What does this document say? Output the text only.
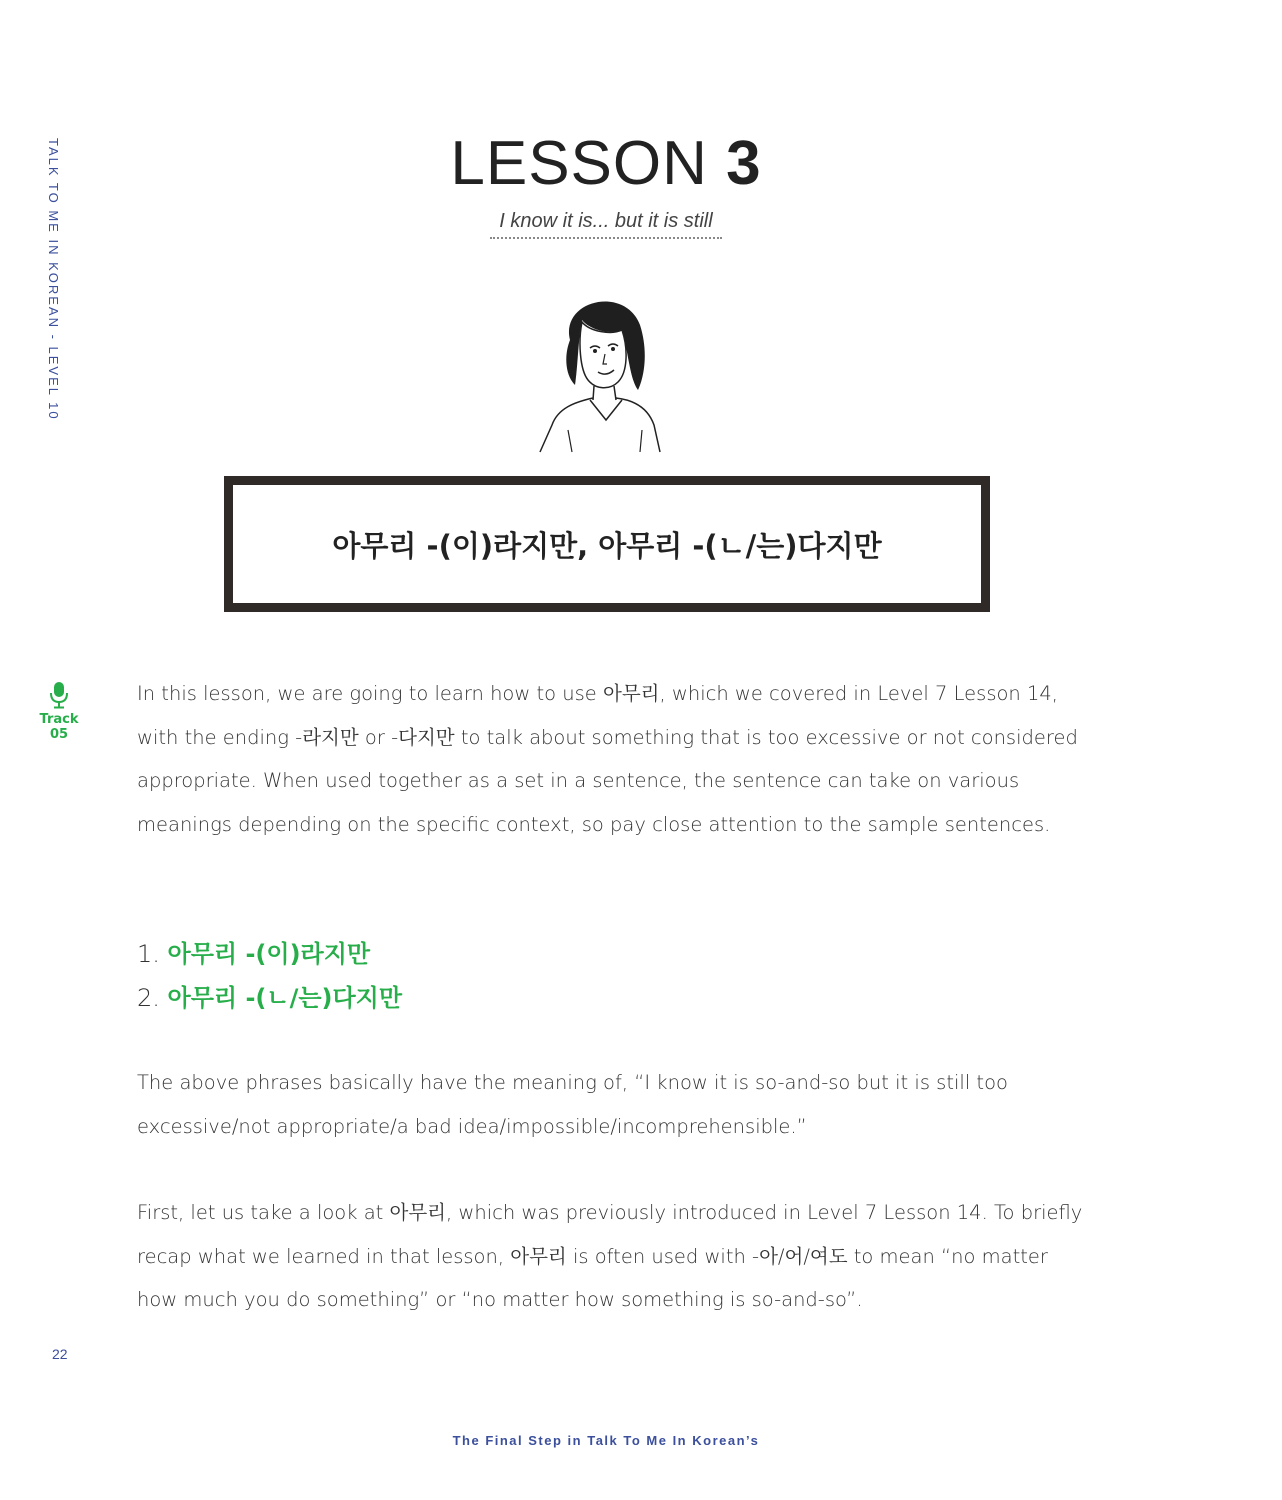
TALK TO ME IN KOREAN - LEVEL 10	LESSON 3
I know it is... but it is still
아무리 -(이)라지만, 아무리 -(ㄴ/는)다지만
Track
05
In this lesson, we are going to learn how to use 아무리, which we covered in Level 7 Lesson 14, with the ending -라지만 or -다지만 to talk about something that is too excessive or not considered appropriate. When used together as a set in a sentence, the sentence can take on various meanings depending on the specific context, so pay close attention to the sample sentences.
1. 아무리 -(이)라지만
2. 아무리 -(ㄴ/는)다지만
The above phrases basically have the meaning of, “I know it is so-and-so but it is still too excessive/not appropriate/a bad idea/impossible/incomprehensible.”
First, let us take a look at 아무리, which was previously introduced in Level 7 Lesson 14. To briefly recap what we learned in that lesson, 아무리 is often used with -아/어/여도 to mean “no matter how much you do something” or “no matter how something is so-and-so”.
22
The Final Step in Talk To Me In Korean’s
